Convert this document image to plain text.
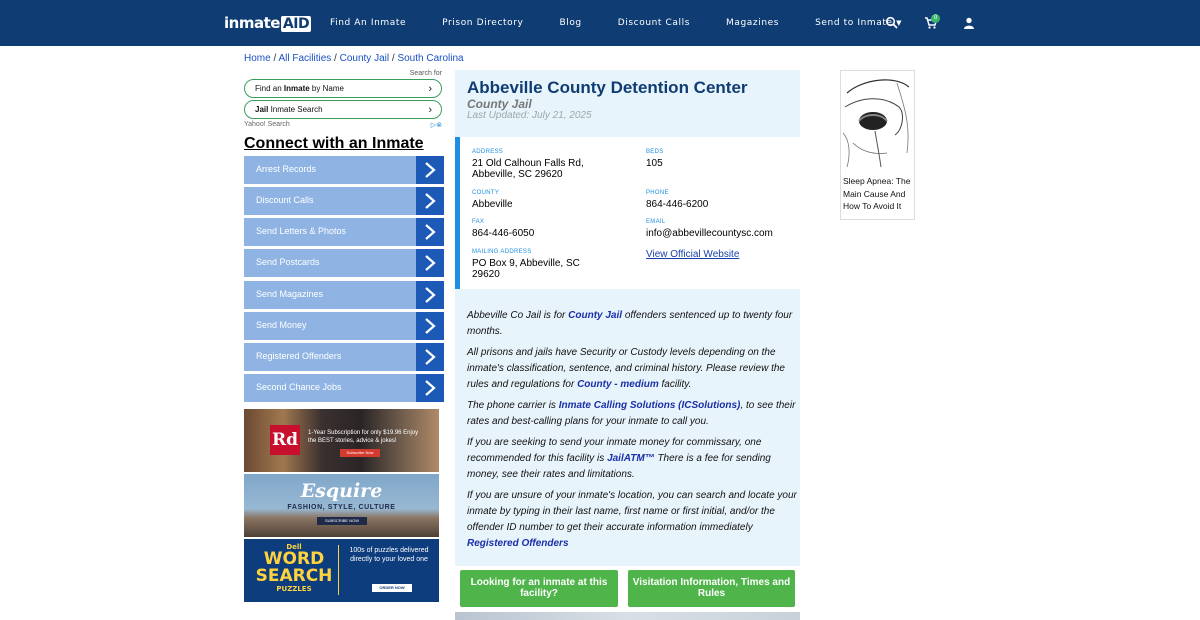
inmate AID Find An Inmate	Prison Directory	Blog	Discount Calls	Magazines	Send to Inmate ▼
0
Home / All Facilities / County Jail / South Carolina
Search for
Find an Inmate by Name	›
Jail Inmate Search	›
Yahoo! Search	▷⊗
Connect with an Inmate
Arrest Records
Discount Calls
Send Letters & Photos
Send Postcards
Send Magazines
Send Money
Registered Offenders
Second Chance Jobs
Rd	1-Year Subscription for only $19.96 Enjoy the BEST stories, advice & jokes!
Subscribe Now
Esquire
FASHION, STYLE, CULTURE
SUBSCRIBE NOW
Dell
WORD
SEARCH
PUZZLES
100s of puzzles delivered directly to your loved one
ORDER NOW
Abbeville County Detention Center
County Jail
Last Updated: July 21, 2025
ADDRESS
21 Old Calhoun Falls Rd, Abbeville, SC 29620
BEDS
105
COUNTY
Abbeville
PHONE
864-446-6200
FAX
864-446-6050
EMAIL
info@abbevillecountysc.com
MAILING ADDRESS
PO Box 9, Abbeville, SC 29620
View Official Website
Abbeville Co Jail is for County Jail offenders sentenced up to twenty four months.
All prisons and jails have Security or Custody levels depending on the inmate's classification, sentence, and criminal history. Please review the rules and regulations for County - medium facility.
The phone carrier is Inmate Calling Solutions (ICSolutions), to see their rates and best-calling plans for your inmate to call you.
If you are seeking to send your inmate money for commissary, one recommended for this facility is JailATM™ There is a fee for sending money, see their rates and limitations.
If you are unsure of your inmate's location, you can search and locate your inmate by typing in their last name, first name or first initial, and/or the offender ID number to get their accurate information immediately Registered Offenders
Looking for an inmate at this facility?
Visitation Information, Times and Rules
Sleep Apnea: The Main Cause And How To Avoid It
